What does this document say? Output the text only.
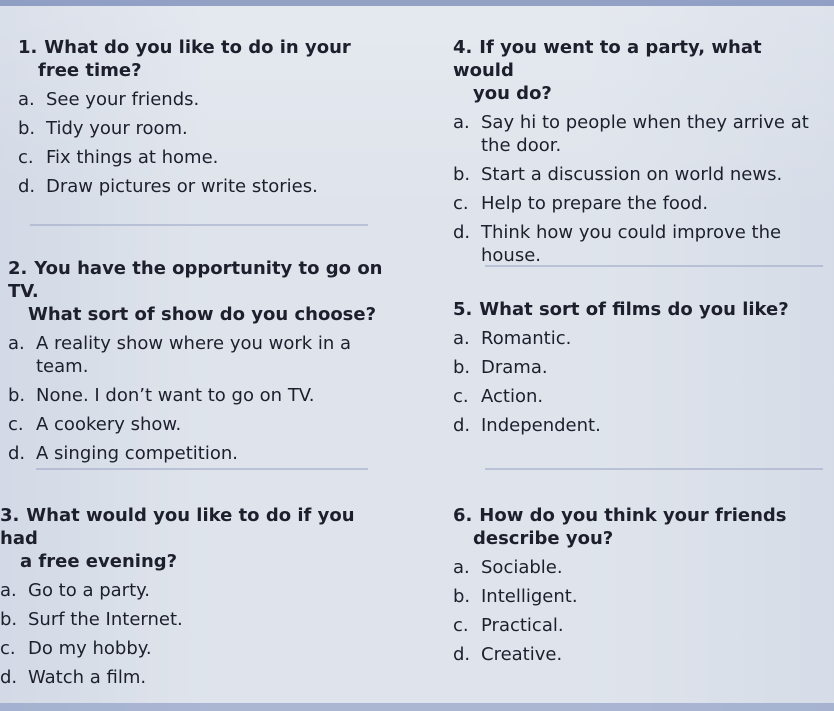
1. What do you like to do in your
free time?
a. See your friends.
b. Tidy your room.
c. Fix things at home.
d. Draw pictures or write stories.
2. You have the opportunity to go on TV.
What sort of show do you choose?
a. A reality show where you work in a team.
b. None. I don’t want to go on TV.
c. A cookery show.
d. A singing competition.
3. What would you like to do if you had
a free evening?
a. Go to a party.
b. Surf the Internet.
c. Do my hobby.
d. Watch a film.
4. If you went to a party, what would
you do?
a. Say hi to people when they arrive at the door.
b. Start a discussion on world news.
c. Help to prepare the food.
d. Think how you could improve the house.
5. What sort of films do you like?
a. Romantic.
b. Drama.
c. Action.
d. Independent.
6. How do you think your friends
describe you?
a. Sociable.
b. Intelligent.
c. Practical.
d. Creative.
